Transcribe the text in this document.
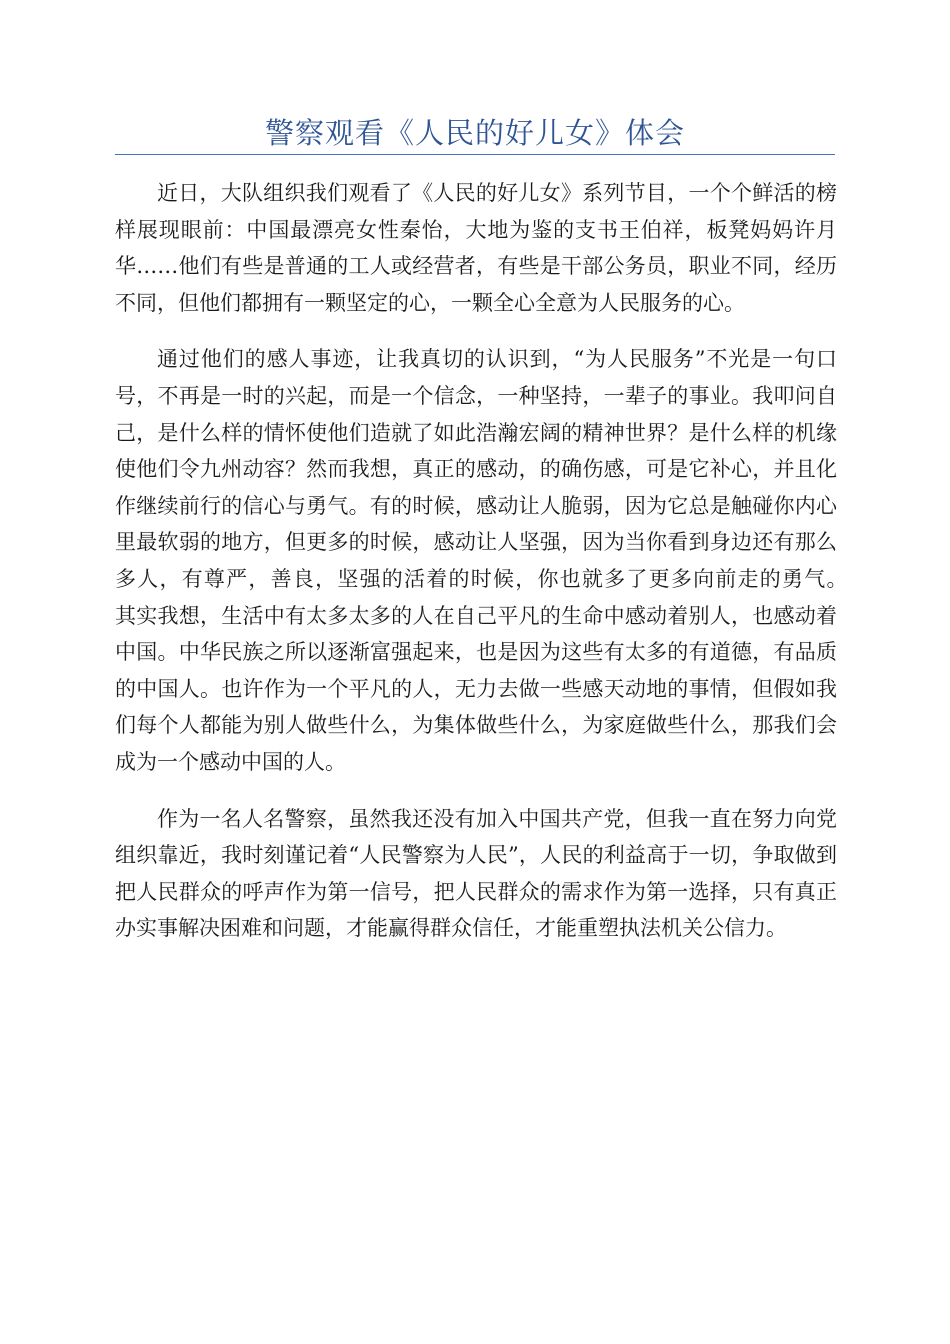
警察观看《人民的好儿女》体会

近日，大队组织我们观看了《人民的好儿女》系列节目，一个个鲜活的榜样展现眼前：中国最漂亮女性秦怡，大地为鉴的支书王伯祥，板凳妈妈许月华……他们有些是普通的工人或经营者，有些是干部公务员，职业不同，经历不同，但他们都拥有一颗坚定的心，一颗全心全意为人民服务的心。

通过他们的感人事迹，让我真切的认识到，“为人民服务”不光是一句口号，不再是一时的兴起，而是一个信念，一种坚持，一辈子的事业。我叩问自己，是什么样的情怀使他们造就了如此浩瀚宏阔的精神世界？是什么样的机缘使他们令九州动容？然而我想，真正的感动，的确伤感，可是它补心，并且化作继续前行的信心与勇气。有的时候，感动让人脆弱，因为它总是触碰你内心里最软弱的地方，但更多的时候，感动让人坚强，因为当你看到身边还有那么多人，有尊严，善良，坚强的活着的时候，你也就多了更多向前走的勇气。　　其实我想，生活中有太多太多的人在自己平凡的生命中感动着别人，也感动着中国。中华民族之所以逐渐富强起来，也是因为这些有太多的有道德，有品质的中国人。也许作为一个平凡的人，无力去做一些感天动地的事情，但假如我们每个人都能为别人做些什么，为集体做些什么，为家庭做些什么，那我们会成为一个感动中国的人。

作为一名人名警察，虽然我还没有加入中国共产党，但我一直在努力向党组织靠近，我时刻谨记着“人民警察为人民”，人民的利益高于一切，争取做到把人民群众的呼声作为第一信号，把人民群众的需求作为第一选择，只有真正办实事解决困难和问题，才能赢得群众信任，才能重塑执法机关公信力。
